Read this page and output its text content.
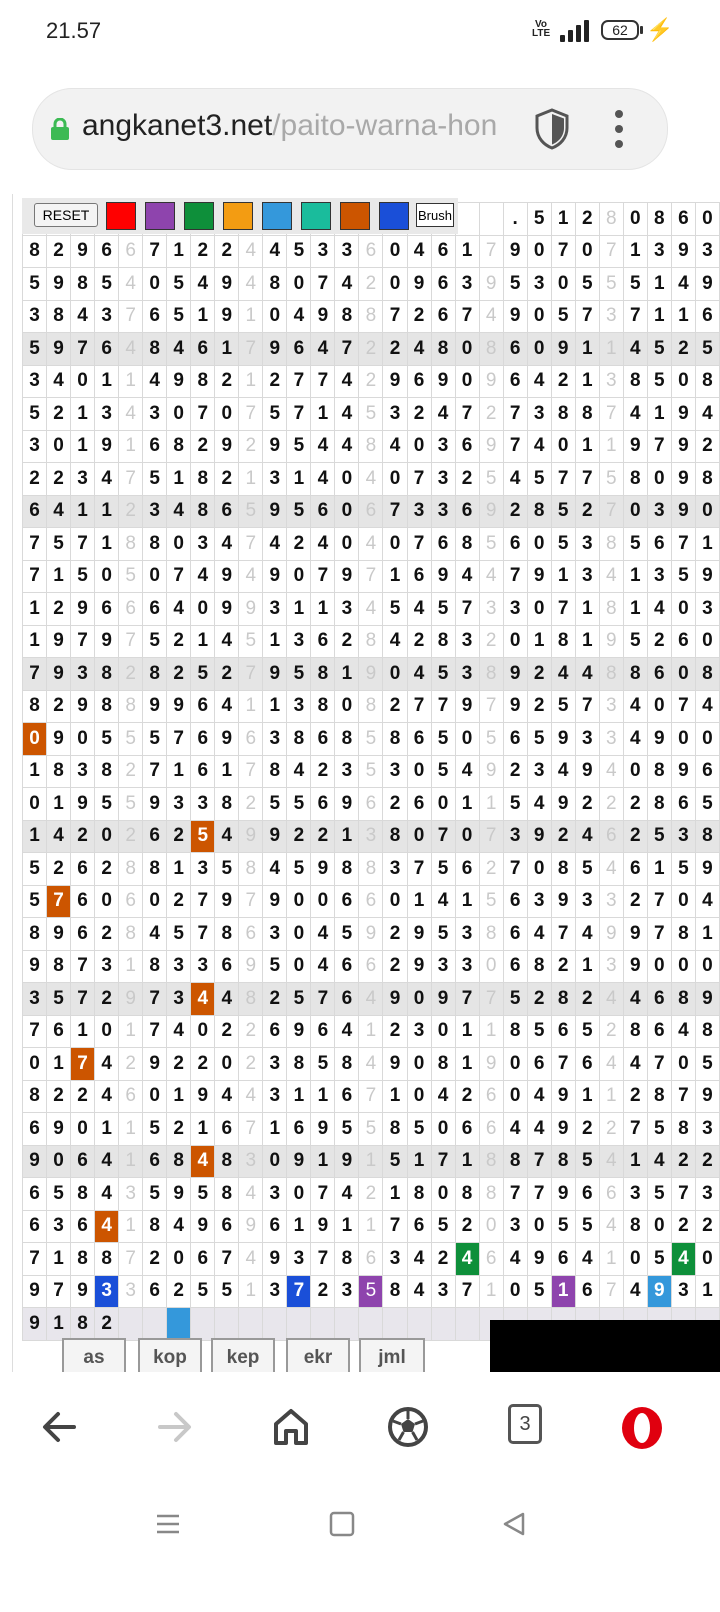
21.57	Vo LTE	62 ⚡
angkanet3.net/paito-warna-hon
																				.	5	1	2	8	0	8	6	0
8	2	9	6	6	7	1	2	2	4	4	5	3	3	6	0	4	6	1	7	9	0	7	0	7	1	3	9	3
5	9	8	5	4	0	5	4	9	4	8	0	7	4	2	0	9	6	3	9	5	3	0	5	5	5	1	4	9
3	8	4	3	7	6	5	1	9	1	0	4	9	8	8	7	2	6	7	4	9	0	5	7	3	7	1	1	6
5	9	7	6	4	8	4	6	1	7	9	6	4	7	2	2	4	8	0	8	6	0	9	1	1	4	5	2	5
3	4	0	1	1	4	9	8	2	1	2	7	7	4	2	9	6	9	0	9	6	4	2	1	3	8	5	0	8
5	2	1	3	4	3	0	7	0	7	5	7	1	4	5	3	2	4	7	2	7	3	8	8	7	4	1	9	4
3	0	1	9	1	6	8	2	9	2	9	5	4	4	8	4	0	3	6	9	7	4	0	1	1	9	7	9	2
2	2	3	4	7	5	1	8	2	1	3	1	4	0	4	0	7	3	2	5	4	5	7	7	5	8	0	9	8
6	4	1	1	2	3	4	8	6	5	9	5	6	0	6	7	3	3	6	9	2	8	5	2	7	0	3	9	0
7	5	7	1	8	8	0	3	4	7	4	2	4	0	4	0	7	6	8	5	6	0	5	3	8	5	6	7	1
7	1	5	0	5	0	7	4	9	4	9	0	7	9	7	1	6	9	4	4	7	9	1	3	4	1	3	5	9
1	2	9	6	6	6	4	0	9	9	3	1	1	3	4	5	4	5	7	3	3	0	7	1	8	1	4	0	3
1	9	7	9	7	5	2	1	4	5	1	3	6	2	8	4	2	8	3	2	0	1	8	1	9	5	2	6	0
7	9	3	8	2	8	2	5	2	7	9	5	8	1	9	0	4	5	3	8	9	2	4	4	8	8	6	0	8
8	2	9	8	8	9	9	6	4	1	1	3	8	0	8	2	7	7	9	7	9	2	5	7	3	4	0	7	4
0	9	0	5	5	5	7	6	9	6	3	8	6	8	5	8	6	5	0	5	6	5	9	3	3	4	9	0	0
1	8	3	8	2	7	1	6	1	7	8	4	2	3	5	3	0	5	4	9	2	3	4	9	4	0	8	9	6
0	1	9	5	5	9	3	3	8	2	5	5	6	9	6	2	6	0	1	1	5	4	9	2	2	2	8	6	5
1	4	2	0	2	6	2	5	4	9	9	2	2	1	3	8	0	7	0	7	3	9	2	4	6	2	5	3	8
5	2	6	2	8	8	1	3	5	8	4	5	9	8	8	3	7	5	6	2	7	0	8	5	4	6	1	5	9
5	7	6	0	6	0	2	7	9	7	9	0	0	6	6	0	1	4	1	5	6	3	9	3	3	2	7	0	4
8	9	6	2	8	4	5	7	8	6	3	0	4	5	9	2	9	5	3	8	6	4	7	4	9	9	7	8	1
9	8	7	3	1	8	3	3	6	9	5	0	4	6	6	2	9	3	3	0	6	8	2	1	3	9	0	0	0
3	5	7	2	9	7	3	4	4	8	2	5	7	6	4	9	0	9	7	7	5	2	8	2	4	4	6	8	9
7	6	1	0	1	7	4	0	2	2	6	9	6	4	1	2	3	0	1	1	8	5	6	5	2	8	6	4	8
0	1	7	4	2	9	2	2	0	2	3	8	5	8	4	9	0	8	1	9	0	6	7	6	4	4	7	0	5
8	2	2	4	6	0	1	9	4	4	3	1	1	6	7	1	0	4	2	6	0	4	9	1	1	2	8	7	9
6	9	0	1	1	5	2	1	6	7	1	6	9	5	5	8	5	0	6	6	4	4	9	2	2	7	5	8	3
9	0	6	4	1	6	8	4	8	3	0	9	1	9	1	5	1	7	1	8	8	7	8	5	4	1	4	2	2
6	5	8	4	3	5	9	5	8	4	3	0	7	4	2	1	8	0	8	8	7	7	9	6	6	3	5	7	3
6	3	6	4	1	8	4	9	6	9	6	1	9	1	1	7	6	5	2	0	3	0	5	5	4	8	0	2	2
7	1	8	8	7	2	0	6	7	4	9	3	7	8	6	3	4	2	4	6	4	9	6	4	1	0	5	4	0
9	7	9	3	3	6	2	5	5	1	3	7	2	3	5	8	4	3	7	1	0	5	1	6	7	4	9	3	1
9	1	8	2																									
RESET	Brush
as	kop	kep	ekr	jml
3
